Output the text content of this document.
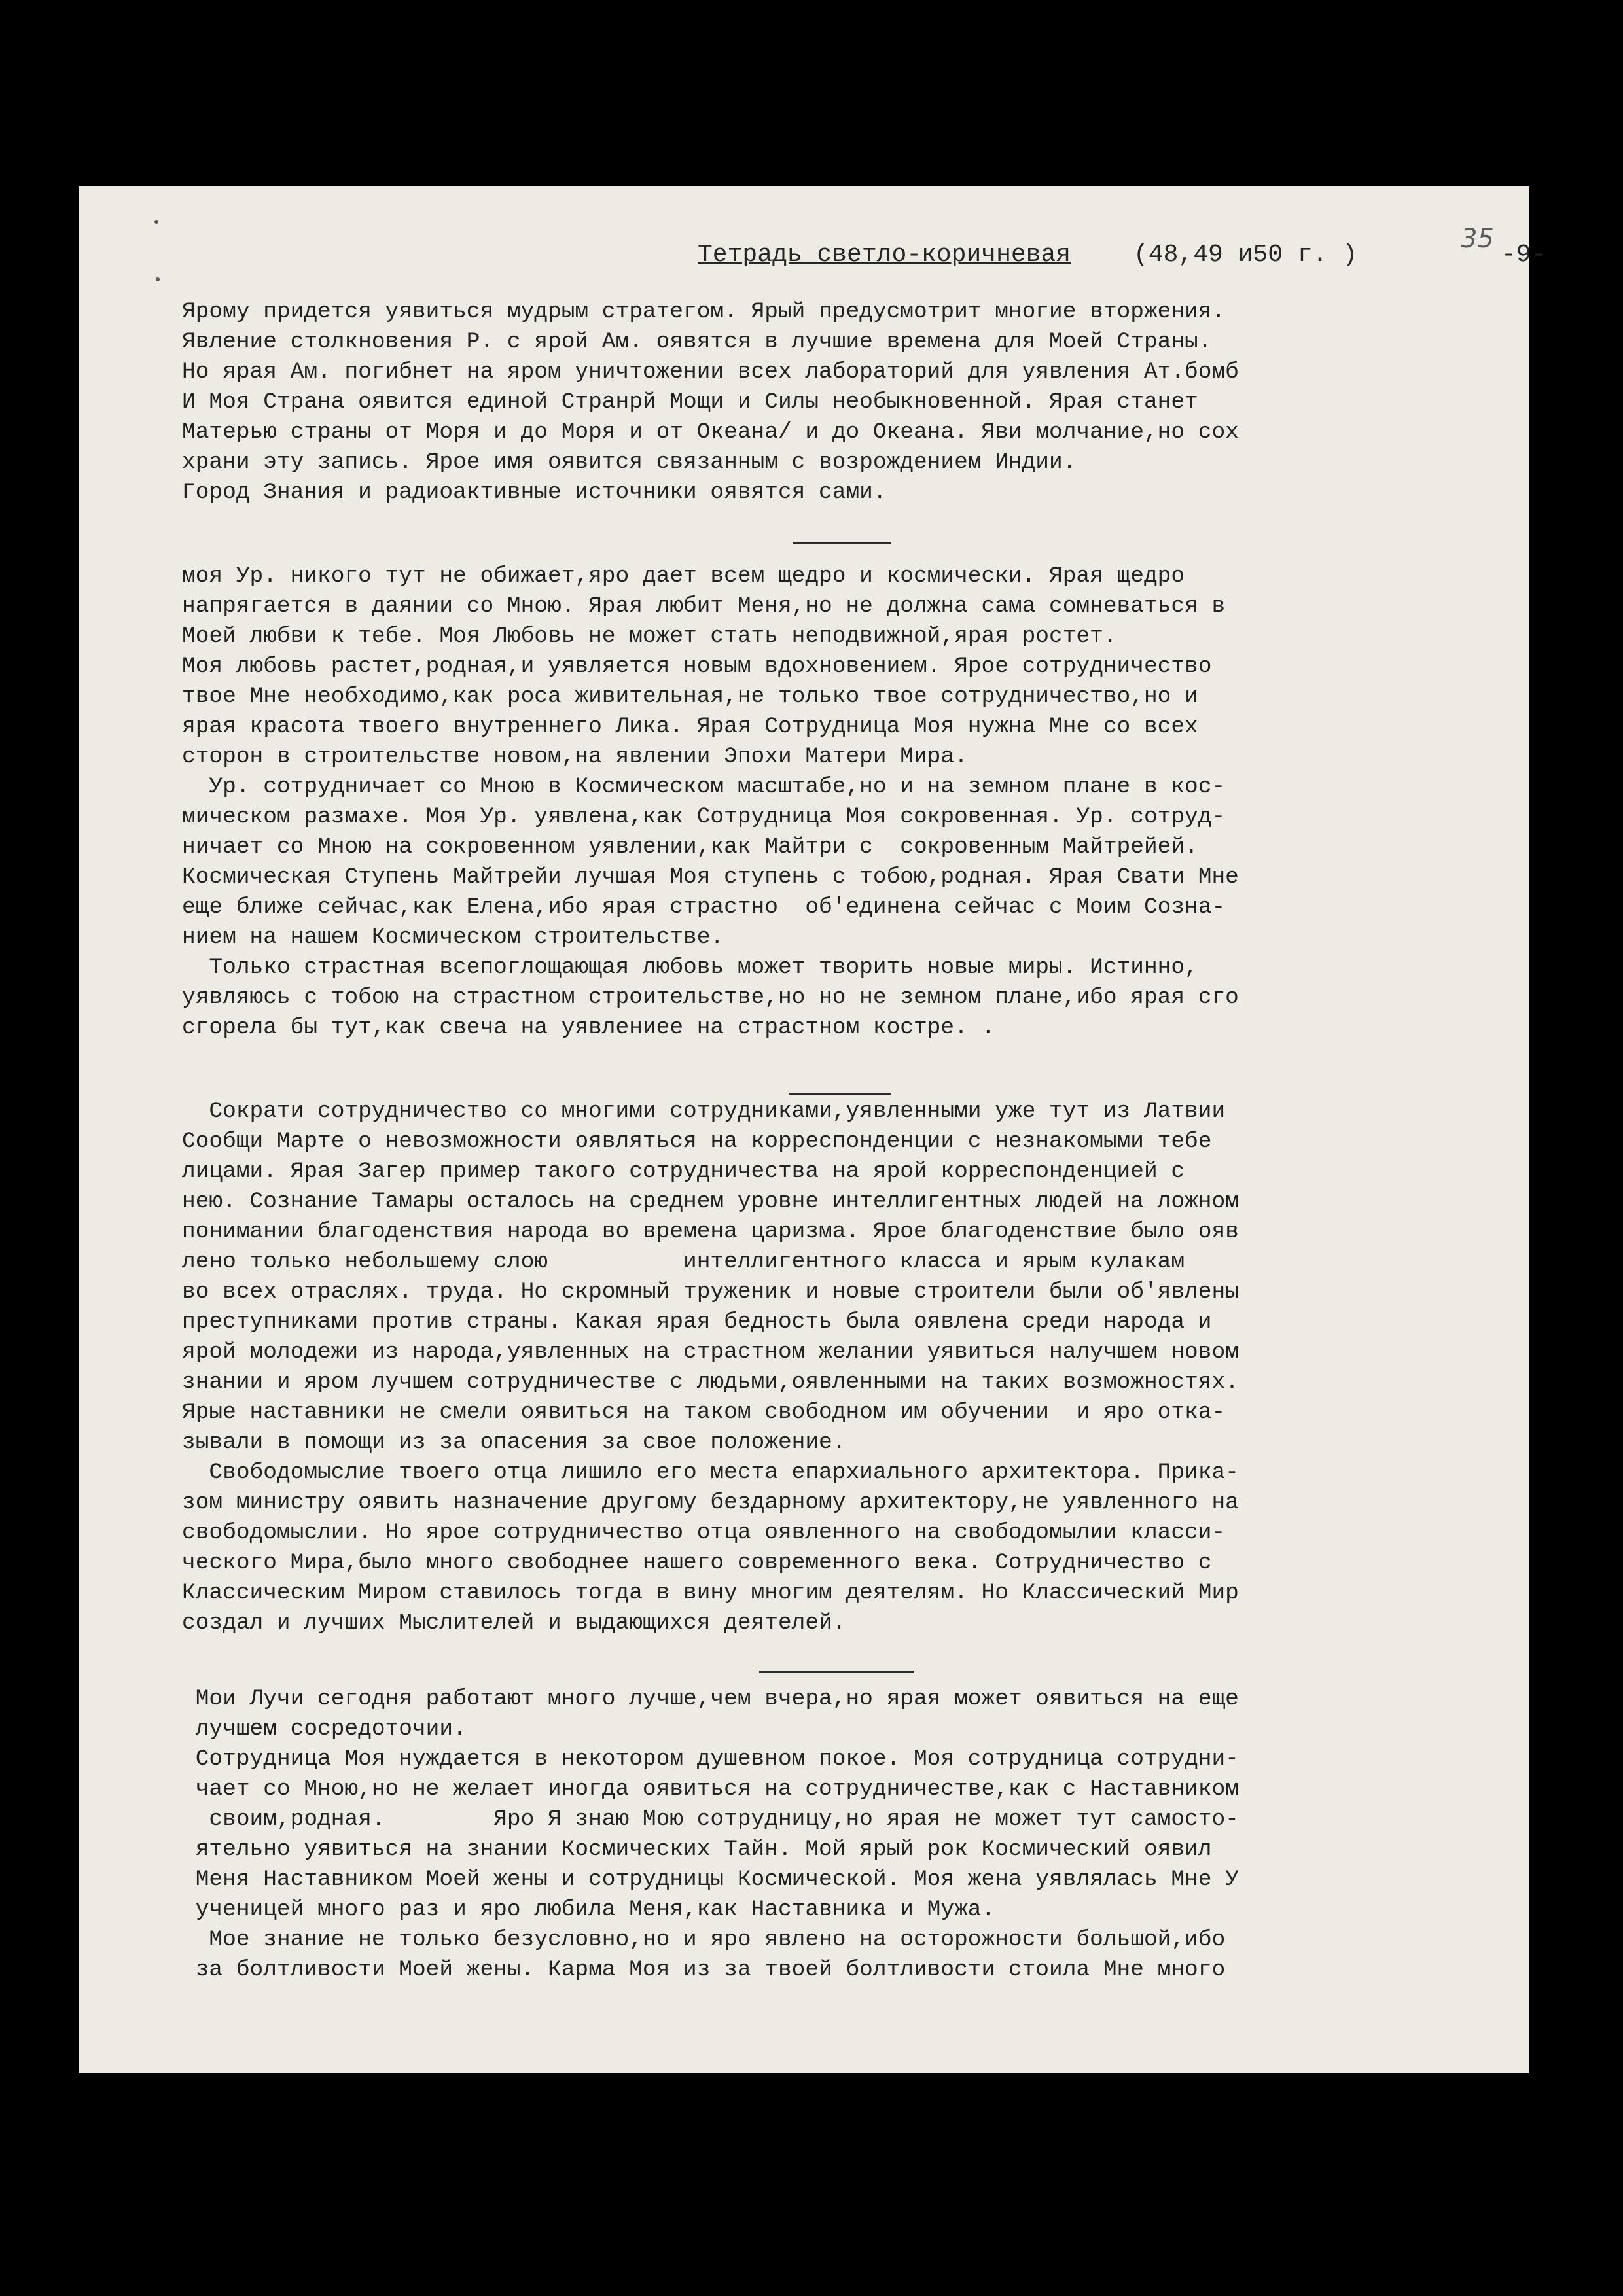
Тетрадь светло-коричневая

	(48,49 и50 г. )

35

-9-

Ярому придется уявиться мудрым стратегом. Ярый предусмотрит многие вторжения.
Явление столкновения Р. с ярой Ам. оявятся в лучшие времена для Моей Страны.
Но ярая Ам. погибнет на яром уничтожении всех лабораторий для уявления Ат.бомб
И Моя Страна оявится единой Странрй Мощи и Силы необыкновенной. Ярая станет
Матерью страны от Моря и до Моря и от Океана/ и до Океана. Яви молчание,но сох
храни эту запись. Ярое имя оявится связанным с возрождением Индии.
Город Знания и радиоактивные источники оявятся сами.
моя Ур. никого тут не обижает,яро дает всем щедро и космически. Ярая щедро
напрягается в даянии со Мною. Ярая любит Меня,но не должна сама сомневаться в
Моей любви к тебе. Моя Любовь не может стать неподвижной,ярая ростет.
Моя любовь растет,родная,и уявляется новым вдохновением. Ярое сотрудничество
твое Мне необходимо,как роса живительная,не только твое сотрудничество,но и
ярая красота твоего внутреннего Лика. Ярая Сотрудница Моя нужна Мне со всех
сторон в строительстве новом,на явлении Эпохи Матери Мира.
Ур. сотрудничает со Мною в Космическом масштабе,но и на земном плане в кос-
мическом размахе. Моя Ур. уявлена,как Сотрудница Моя сокровенная. Ур. сотруд-
ничает со Мною на сокровенном уявлении,как Майтри с  сокровенным Майтрейей.
Космическая Ступень Майтрейи лучшая Моя ступень с тобою,родная. Ярая Свати Мне
еще ближе сейчас,как Елена,ибо ярая страстно  об'единена сейчас с Моим Созна-
нием на нашем Космическом строительстве.
Только страстная всепоглощающая любовь может творить новые миры. Истинно,
уявляюсь с тобою на страстном строительстве,но но не земном плане,ибо ярая сго
сгорела бы тут,как свеча на уявлениее на страстном костре. .
Сократи сотрудничество со многими сотрудниками,уявленными уже тут из Латвии
Сообщи Марте о невозможности оявляться на корреспонденции с незнакомыми тебе
лицами. Ярая Загер пример такого сотрудничества на ярой корреспонденцией с
нею. Сознание Тамары осталось на среднем уровне интеллигентных людей на ложном
понимании благоденствия народа во времена царизма. Ярое благоденствие было ояв
лено только небольшему слою          интеллигентного класса и ярым кулакам
во всех отраслях. труда. Но скромный труженик и новые строители были об'явлены
преступниками против страны. Какая ярая бедность была оявлена среди народа и
ярой молодежи из народа,уявленных на страстном желании уявиться налучшем новом
знании и яром лучшем сотрудничестве с людьми,оявленными на таких возможностях.
Ярые наставники не смели оявиться на таком свободном им обучении  и яро отка-
зывали в помощи из за опасения за свое положение.
Свободомыслие твоего отца лишило его места епархиального архитектора. Прика-
зом министру оявить назначение другому бездарному архитектору,не уявленного на
свободомыслии. Но ярое сотрудничество отца оявленного на свободомылии класси-
ческого Мира,было много свободнее нашего современного века. Сотрудничество с
Классическим Миром ставилось тогда в вину многим деятелям. Но Классический Мир
создал и лучших Мыслителей и выдающихся деятелей.
Мои Лучи сегодня работают много лучше,чем вчера,но ярая может оявиться на еще
лучшем сосредоточии.
Сотрудница Моя нуждается в некотором душевном покое. Моя сотрудница сотрудни-
чает со Мною,но не желает иногда оявиться на сотрудничестве,как с Наставником
своим,родная.        Яро Я знаю Мою сотрудницу,но ярая не может тут самосто-
ятельно уявиться на знании Космических Тайн. Мой ярый рок Космический оявил
Меня Наставником Моей жены и сотрудницы Космической. Моя жена уявлялась Мне У
ученицей много раз и яро любила Меня,как Наставника и Мужа.
Мое знание не только безусловно,но и яро явлено на осторожности большой,ибо
за болтливости Моей жены. Карма Моя из за твоей болтливости стоила Мне много
